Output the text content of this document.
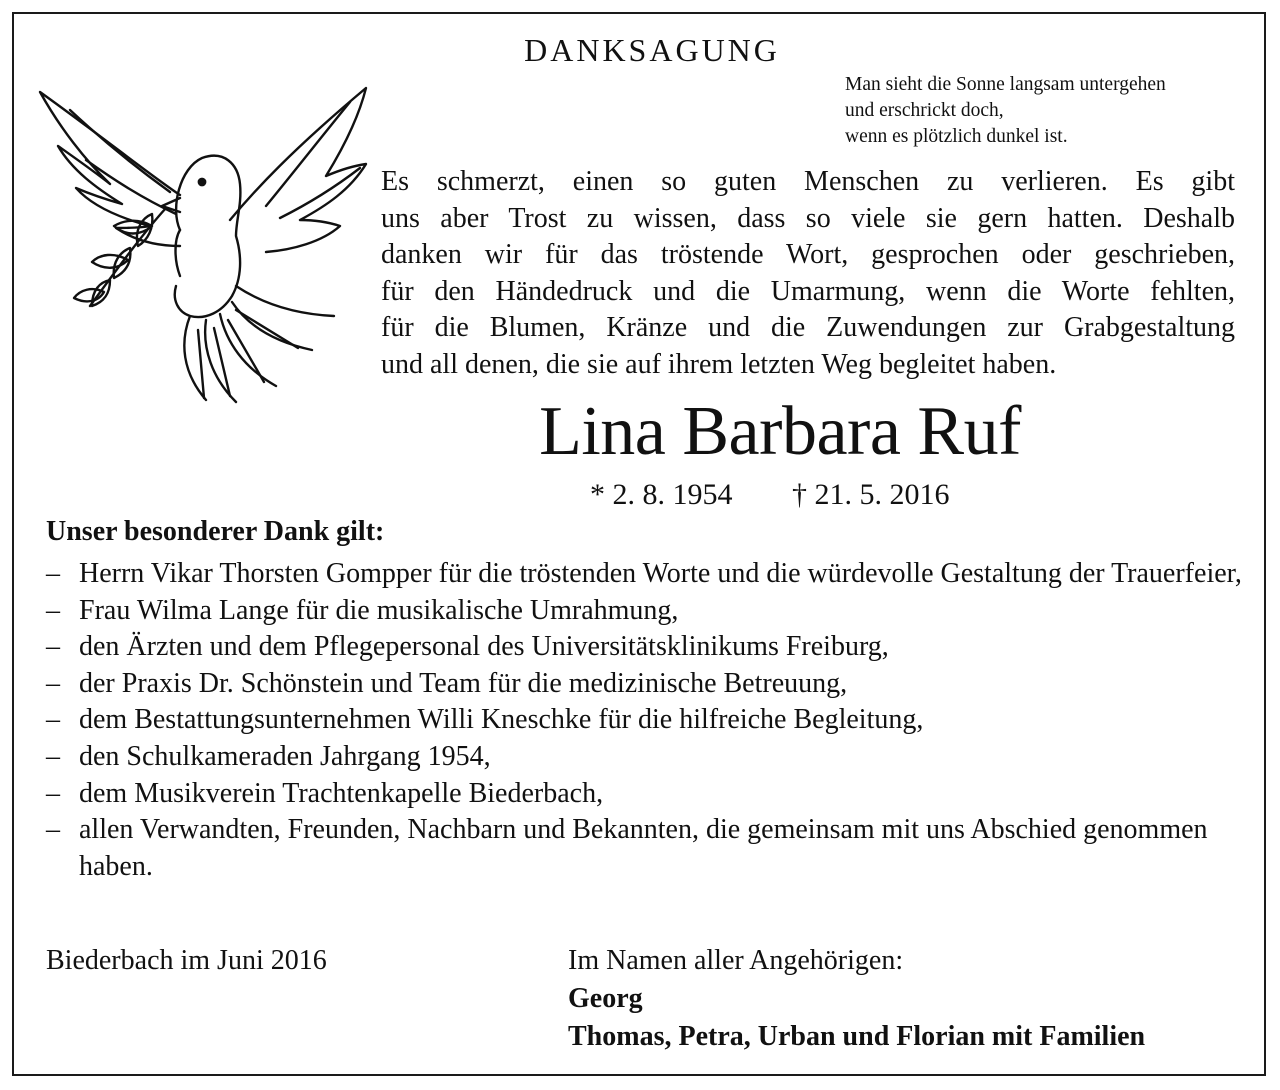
DANKSAGUNG
Man sieht die Sonne langsam untergehen
und erschrickt doch,
wenn es plötzlich dunkel ist.
Es schmerzt, einen so guten Menschen zu verlieren. Es gibt
uns aber Trost zu wissen, dass so viele sie gern hatten. Deshalb
danken wir für das tröstende Wort, gesprochen oder geschrieben,
für den Händedruck und die Umarmung, wenn die Worte fehlten,
für die Blumen, Kränze und die Zuwendungen zur Grabgestaltung
und all denen, die sie auf ihrem letzten Weg begleitet haben.
Lina Barbara Ruf
* 2. 8. 1954 † 21. 5. 2016
Unser besonderer Dank gilt:
– Herrn Vikar Thorsten Gompper für die tröstenden Worte und die würdevolle Gestaltung der Trauerfeier,
– Frau Wilma Lange für die musikalische Umrahmung,
– den Ärzten und dem Pflegepersonal des Universitätsklinikums Freiburg,
– der Praxis Dr. Schönstein und Team für die medizinische Betreuung,
– dem Bestattungsunternehmen Willi Kneschke für die hilfreiche Begleitung,
– den Schulkameraden Jahrgang 1954,
– dem Musikverein Trachtenkapelle Biederbach,
– allen Verwandten, Freunden, Nachbarn und Bekannten, die gemeinsam mit uns Abschied genommen haben.
Biederbach im Juni 2016	Im Namen aller Angehörigen:
Georg
Thomas, Petra, Urban und Florian mit Familien
